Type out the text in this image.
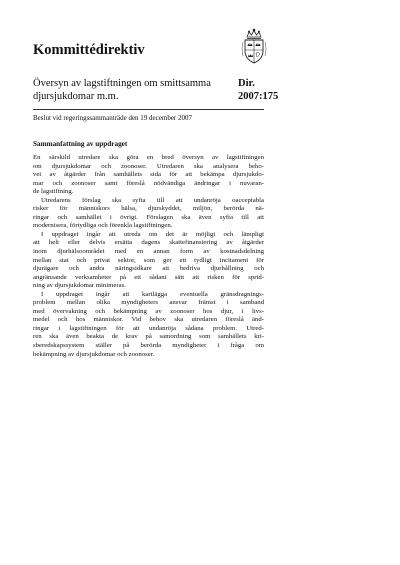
Kommittédirektiv
Översyn av lagstiftningen om smittsamma
djursjukdomar m.m.
Dir.
2007:175
Beslut vid regeringssammanträde den 19 december 2007
Sammanfattning av uppdraget

En särskild utredare ska göra en bred översyn av lagstiftningen
om djursjukdomar och zoonoser. Utredaren ska analysera beho-
vet av åtgärder från samhällets sida för att bekämpa djursjukdo-
mar och zoonoser samt föreslå nödvändiga ändringar i nuvaran-
de lagstiftning.

Utredarens förslag ska syfta till att undanröja oacceptabla
risker för människors hälsa, djurskyddet, miljön, berörda nä-
ringar och samhället i övrigt. Förslagen ska även syfta till att
modernisera, förtydliga och förenkla lagstiftningen.

I uppdraget ingår att utreda om det är möjligt och lämpligt
att helt eller delvis ersätta dagens skattefinansiering av åtgärder
inom djurhälsoområdet med en annan form av kostnadsdelning
mellan stat och privat sektor, som ger ett tydligt incitament för
djurägare och andra näringsidkare att bedriva djurhållning och
angränsande verksamheter på ett sådant sätt att risken för sprid-
ning av djursjukdomar minimeras.

I uppdraget ingår att kartlägga eventuella gränsdragnings-
problem mellan olika myndigheters ansvar främst i samband
med övervakning och bekämpning av zoonoser hos djur, i livs-
medel och hos människor. Vid behov ska utredaren föreslå änd-
ringar i lagstiftningen för att undanröja sådana problem. Utred-
ren ska även beakta de krav på samordning som samhällets kri-
sberedskapssystem ställer på berörda myndigheter i fråga om
bekämpning av djursjukdomar och zoonoser.
